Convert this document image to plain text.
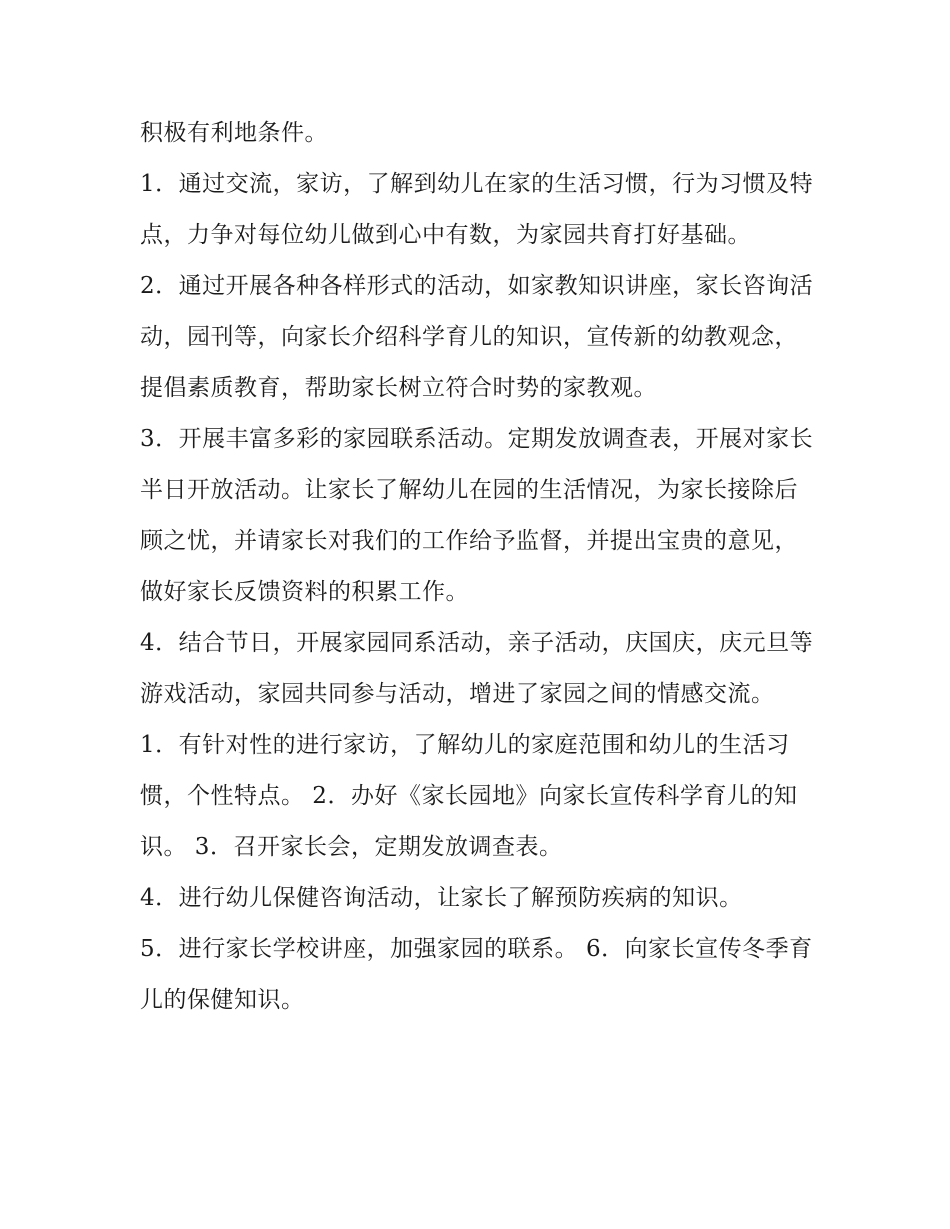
积极有利地条件。

1．通过交流，家访，了解到幼儿在家的生活习惯，行为习惯及特点，力争对每位幼儿做到心中有数，为家园共育打好基础。

2．通过开展各种各样形式的活动，如家教知识讲座，家长咨询活动，园刊等，向家长介绍科学育儿的知识，宣传新的幼教观念，提倡素质教育，帮助家长树立符合时势的家教观。

3．开展丰富多彩的家园联系活动。定期发放调查表，开展对家长半日开放活动。让家长了解幼儿在园的生活情况，为家长接除后顾之忧，并请家长对我们的工作给予监督，并提出宝贵的意见，做好家长反馈资料的积累工作。

4．结合节日，开展家园同系活动，亲子活动，庆国庆，庆元旦等游戏活动，家园共同参与活动，增进了家园之间的情感交流。

1．有针对性的进行家访，了解幼儿的家庭范围和幼儿的生活习惯，个性特点。 2．办好《家长园地》向家长宣传科学育儿的知识。 3．召开家长会，定期发放调查表。

4．进行幼儿保健咨询活动，让家长了解预防疾病的知识。

5．进行家长学校讲座，加强家园的联系。 6．向家长宣传冬季育儿的保健知识。
